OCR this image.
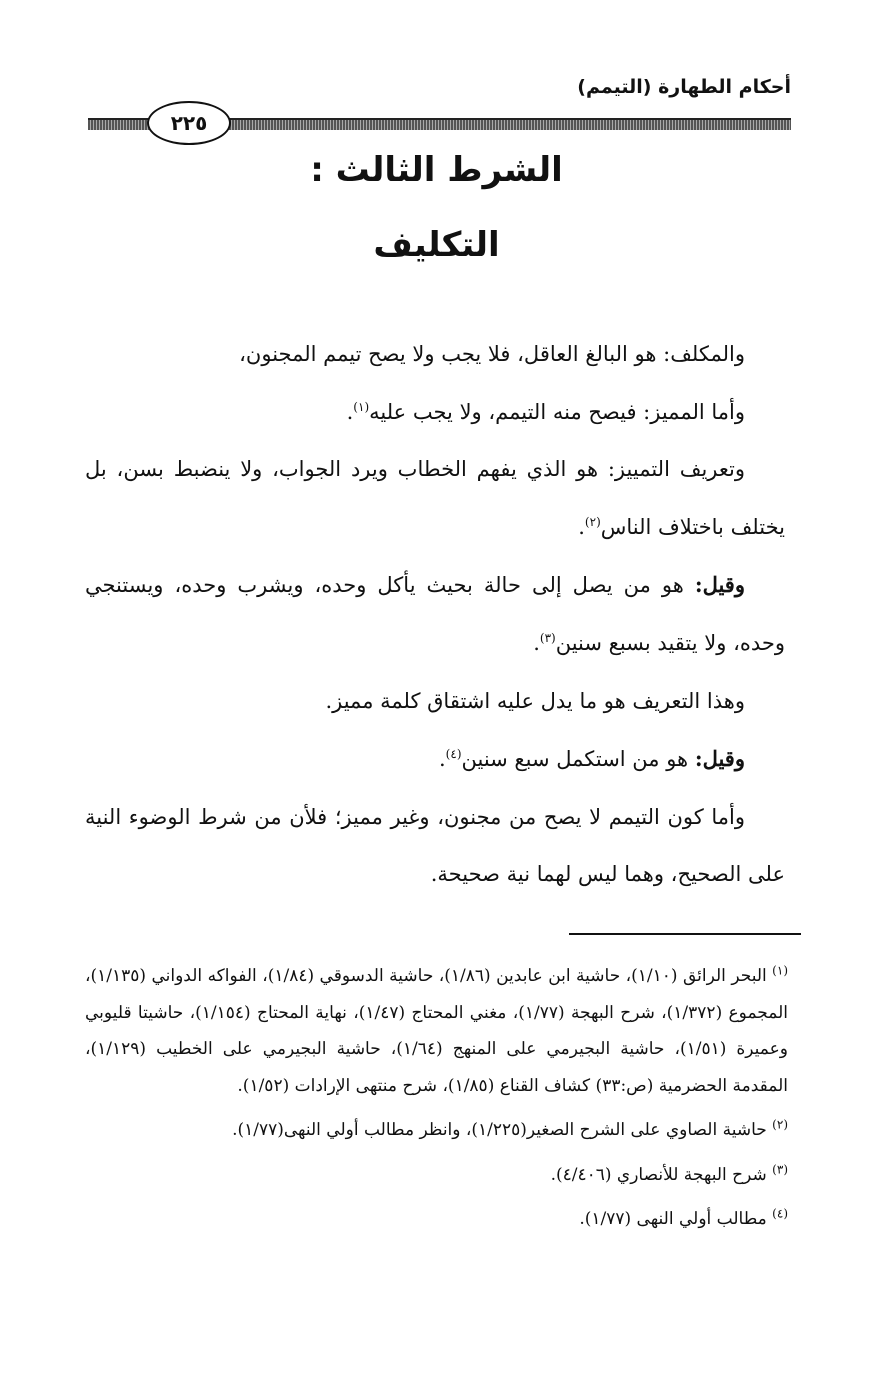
أحكام الطهارة (التيمم)
٢٢٥
الشرط الثالث :
التكليف

والمكلف: هو البالغ العاقل، فلا يجب ولا يصح تيمم المجنون،

وأما المميز: فيصح منه التيمم، ولا يجب عليه$^{(١)}$.

وتعريف التمييز: هو الذي يفهم الخطاب ويرد الجواب، ولا ينضبط بسن، بل يختلف باختلاف الناس$^{(٢)}$.

وقيل: هو من يصل إلى حالة بحيث يأكل وحده، ويشرب وحده، ويستنجي وحده، ولا يتقيد بسبع سنين$^{(٣)}$.

وهذا التعريف هو ما يدل عليه اشتقاق كلمة مميز.

وقيل: هو من استكمل سبع سنين$^{(٤)}$.

وأما كون التيمم لا يصح من مجنون، وغير مميز؛ فلأن من شرط الوضوء النية على الصحيح، وهما ليس لهما نية صحيحة.

$^{(١)}$ البحر الرائق (١/١٠)، حاشية ابن عابدين (١/٨٦)، حاشية الدسوقي (١/٨٤)، الفواكه الدواني (١/١٣٥)، المجموع (١/٣٧٢)، شرح البهجة (١/٧٧)، مغني المحتاج (١/٤٧)، نهاية المحتاج (١/١٥٤)، حاشيتا قليوبي وعميرة (١/٥١)، حاشية البجيرمي على المنهج (١/٦٤)، حاشية البجيرمي على الخطيب (١/١٢٩)، المقدمة الحضرمية (ص:٣٣) كشاف القناع (١/٨٥)، شرح منتهى الإرادات (١/٥٢).

$^{(٢)}$ حاشية الصاوي على الشرح الصغير(١/٢٢٥)، وانظر مطالب أولي النهى(١/٧٧).

$^{(٣)}$ شرح البهجة للأنصاري (٤/٤٠٦).

$^{(٤)}$ مطالب أولي النهى (١/٧٧).
